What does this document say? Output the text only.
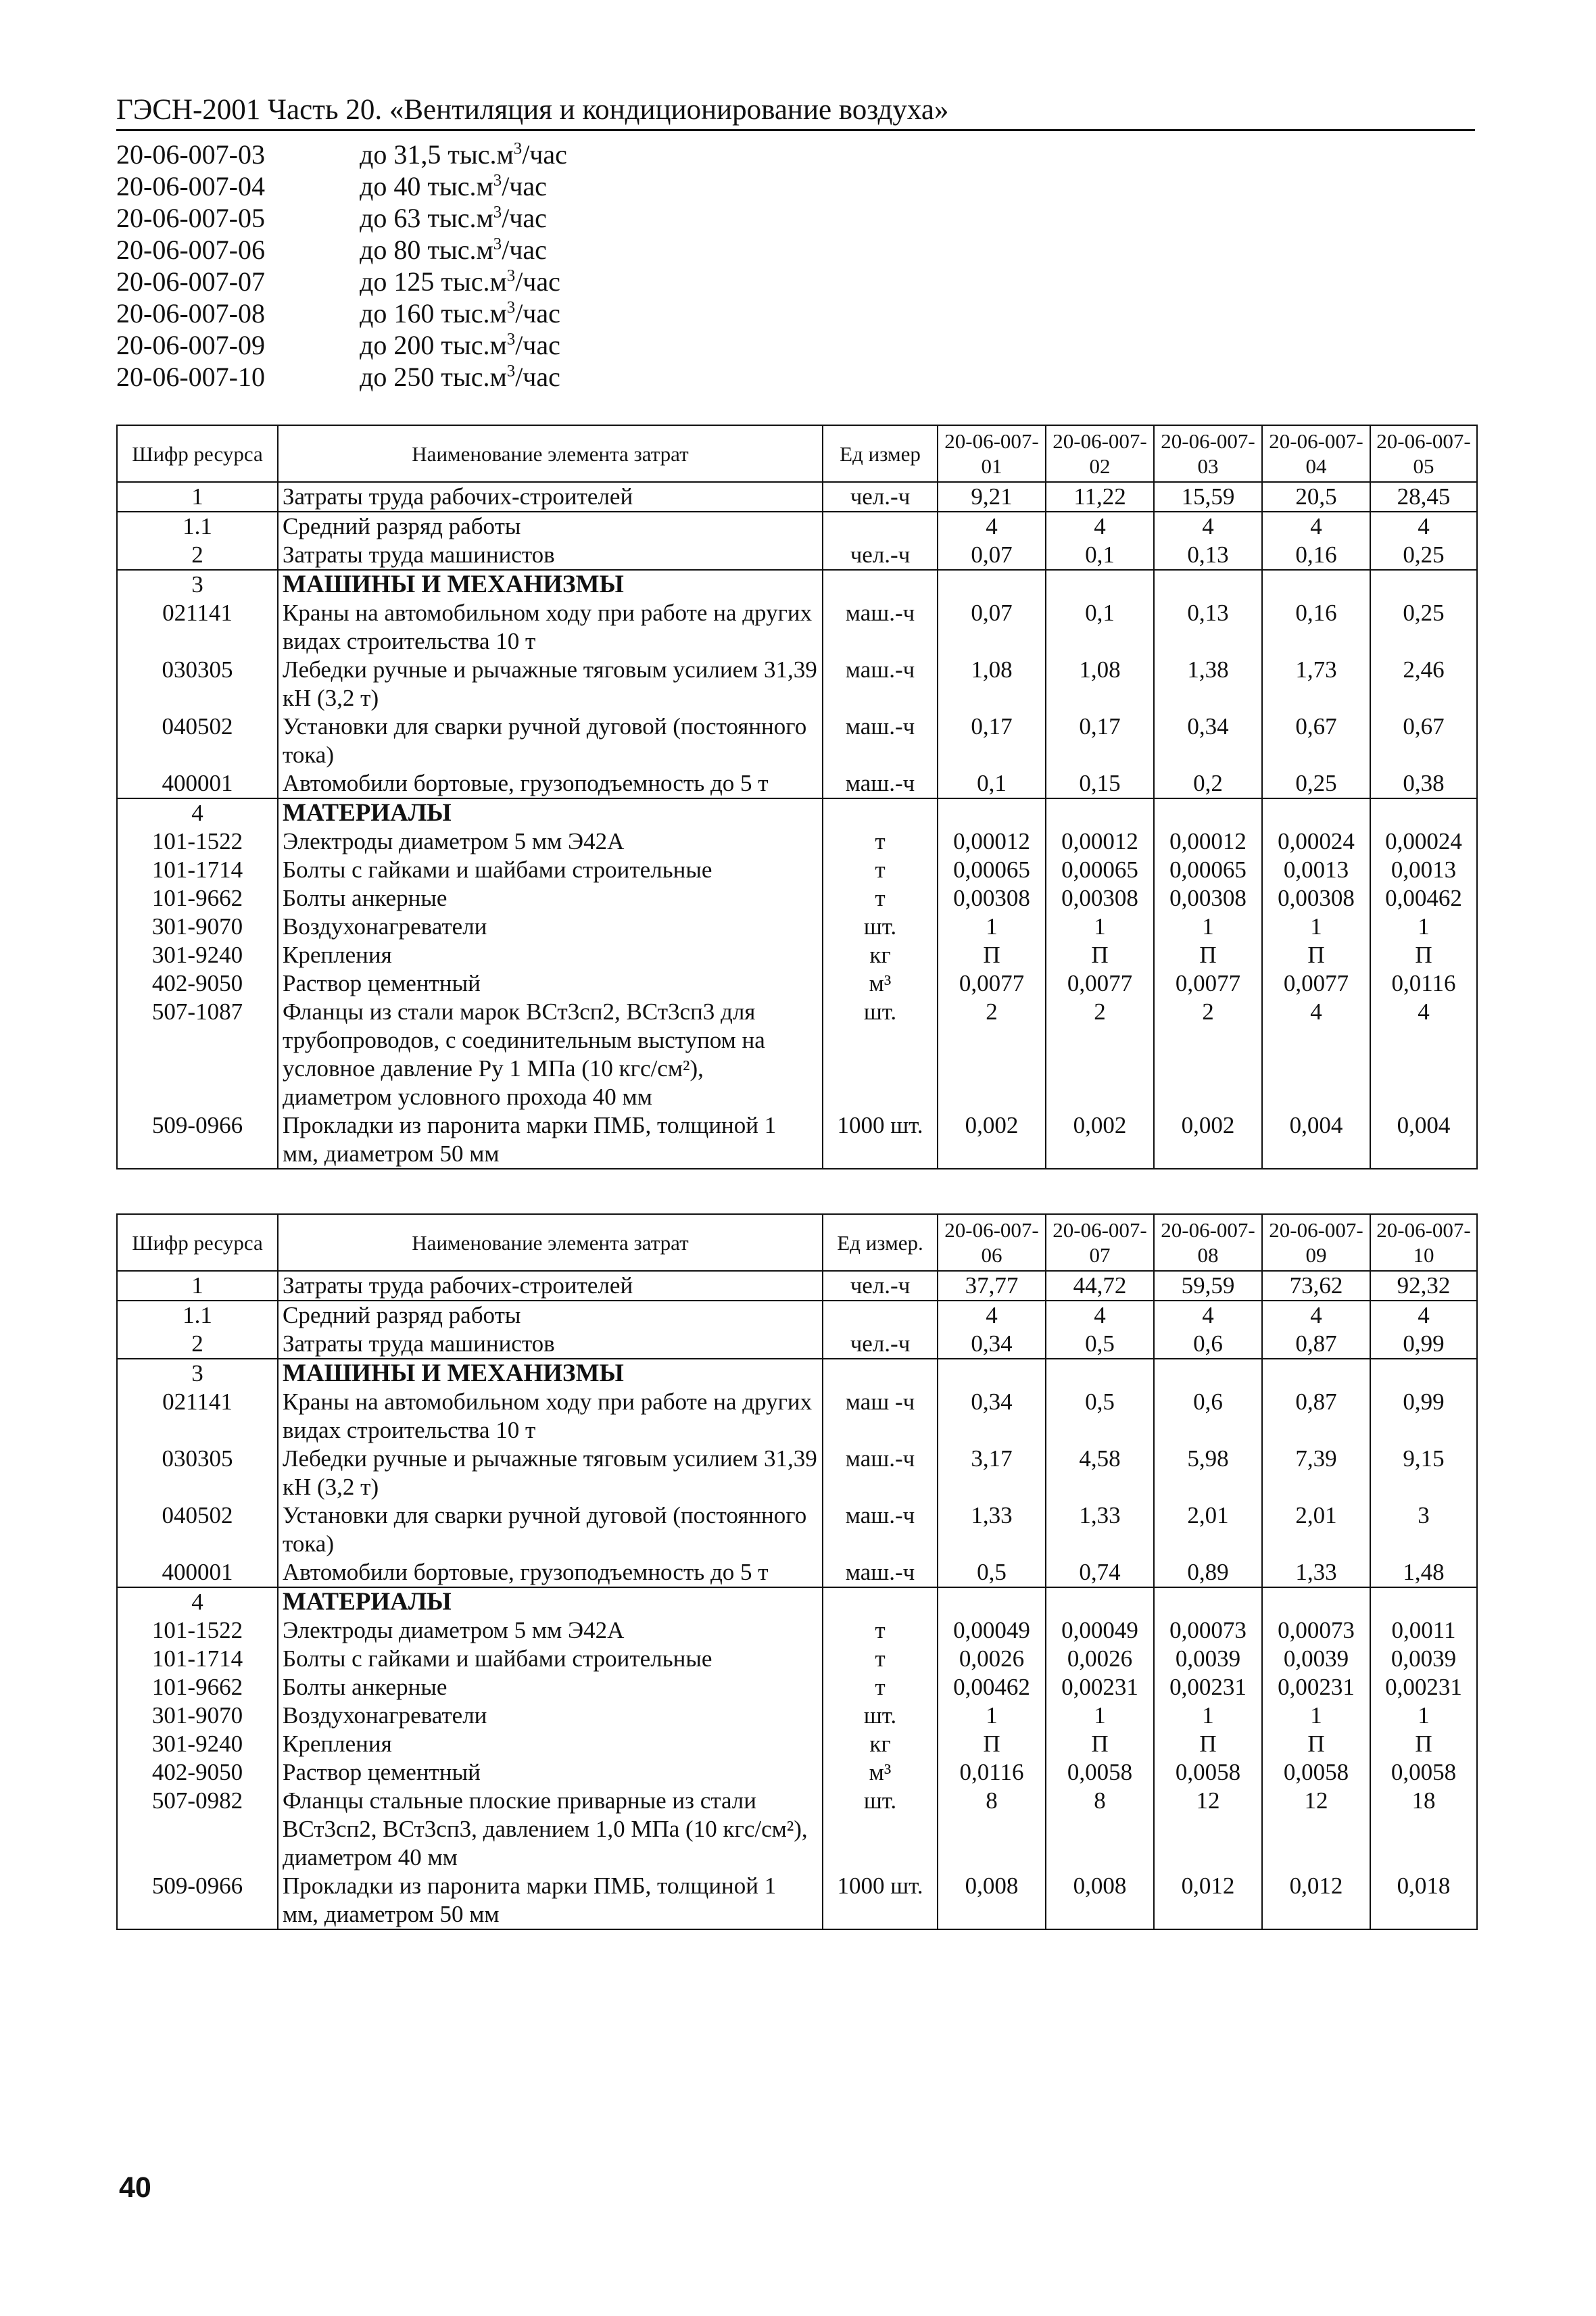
ГЭСН-2001 Часть 20. «Вентиляция и кондиционирование воздуха»
20-06-007-03	до 31,5 $тыс.м^3$/час
20-06-007-04	до 40 $тыс.м^3$/час
20-06-007-05	до 63 $тыс.м^3$/час
20-06-007-06	до 80 $тыс.м^3$/час
20-06-007-07	до 125 $тыс.м^3$/час
20-06-007-08	до 160 $тыс.м^3$/час
20-06-007-09	до 200 $тыс.м^3$/час
20-06-007-10	до 250 $тыс.м^3$/час
Шифр ресурса	Наименование элемента затрат	Ед измер	20-06-007-01	20-06-007-02	20-06-007-03	20-06-007-04	20-06-007-05
1	Затраты труда рабочих-строителей	чел.-ч	9,21	11,22	15,59	20,5	28,45
1.1	Средний разряд работы		4	4	4	4	4
2	Затраты труда машинистов	чел.-ч	0,07	0,1	0,13	0,16	0,25
3	МАШИНЫ И МЕХАНИЗМЫ						
021141	Краны на автомобильном ходу при работе на других видах строительства 10 т	маш.-ч	0,07	0,1	0,13	0,16	0,25
030305	Лебедки ручные и рычажные тяговым усилием 31,39 кН (3,2 т)	маш.-ч	1,08	1,08	1,38	1,73	2,46
040502	Установки для сварки ручной дуговой (постоянного тока)	маш.-ч	0,17	0,17	0,34	0,67	0,67
400001	Автомобили бортовые, грузоподъемность до 5 т	маш.-ч	0,1	0,15	0,2	0,25	0,38
4	МАТЕРИАЛЫ						
101-1522	Электроды диаметром 5 мм Э42А	т	0,00012	0,00012	0,00012	0,00024	0,00024
101-1714	Болты с гайками и шайбами строительные	т	0,00065	0,00065	0,00065	0,0013	0,0013
101-9662	Болты анкерные	т	0,00308	0,00308	0,00308	0,00308	0,00462
301-9070	Воздухонагреватели	шт.	1	1	1	1	1
301-9240	Крепления	кг	П	П	П	П	П
402-9050	Раствор цементный	м³	0,0077	0,0077	0,0077	0,0077	0,0116
507-1087	Фланцы из стали марок ВСт3сп2, ВСт3сп3 для трубопроводов, с соединительным выступом на условное давление Ру 1 МПа (10 кгс/см²), диаметром условного прохода 40 мм	шт.	2	2	2	4	4
509-0966	Прокладки из паронита марки ПМБ, толщиной 1 мм, диаметром 50 мм	1000 шт.	0,002	0,002	0,002	0,004	0,004
Шифр ресурса	Наименование элемента затрат	Ед измер.	20-06-007-06	20-06-007-07	20-06-007-08	20-06-007-09	20-06-007-10
1	Затраты труда рабочих-строителей	чел.-ч	37,77	44,72	59,59	73,62	92,32
1.1	Средний разряд работы		4	4	4	4	4
2	Затраты труда машинистов	чел.-ч	0,34	0,5	0,6	0,87	0,99
3	МАШИНЫ И МЕХАНИЗМЫ						
021141	Краны на автомобильном ходу при работе на других видах строительства 10 т	маш -ч	0,34	0,5	0,6	0,87	0,99
030305	Лебедки ручные и рычажные тяговым усилием 31,39 кН (3,2 т)	маш.-ч	3,17	4,58	5,98	7,39	9,15
040502	Установки для сварки ручной дуговой (постоянного тока)	маш.-ч	1,33	1,33	2,01	2,01	3
400001	Автомобили бортовые, грузоподъемность до 5 т	маш.-ч	0,5	0,74	0,89	1,33	1,48
4	МАТЕРИАЛЫ						
101-1522	Электроды диаметром 5 мм Э42А	т	0,00049	0,00049	0,00073	0,00073	0,0011
101-1714	Болты с гайками и шайбами строительные	т	0,0026	0,0026	0,0039	0,0039	0,0039
101-9662	Болты анкерные	т	0,00462	0,00231	0,00231	0,00231	0,00231
301-9070	Воздухонагреватели	шт.	1	1	1	1	1
301-9240	Крепления	кг	П	П	П	П	П
402-9050	Раствор цементный	м³	0,0116	0,0058	0,0058	0,0058	0,0058
507-0982	Фланцы стальные плоские приварные из стали ВСт3сп2, ВСт3сп3, давлением 1,0 МПа (10 кгс/см²), диаметром 40 мм	шт.	8	8	12	12	18
509-0966	Прокладки из паронита марки ПМБ, толщиной 1 мм, диаметром 50 мм	1000 шт.	0,008	0,008	0,012	0,012	0,018
40
